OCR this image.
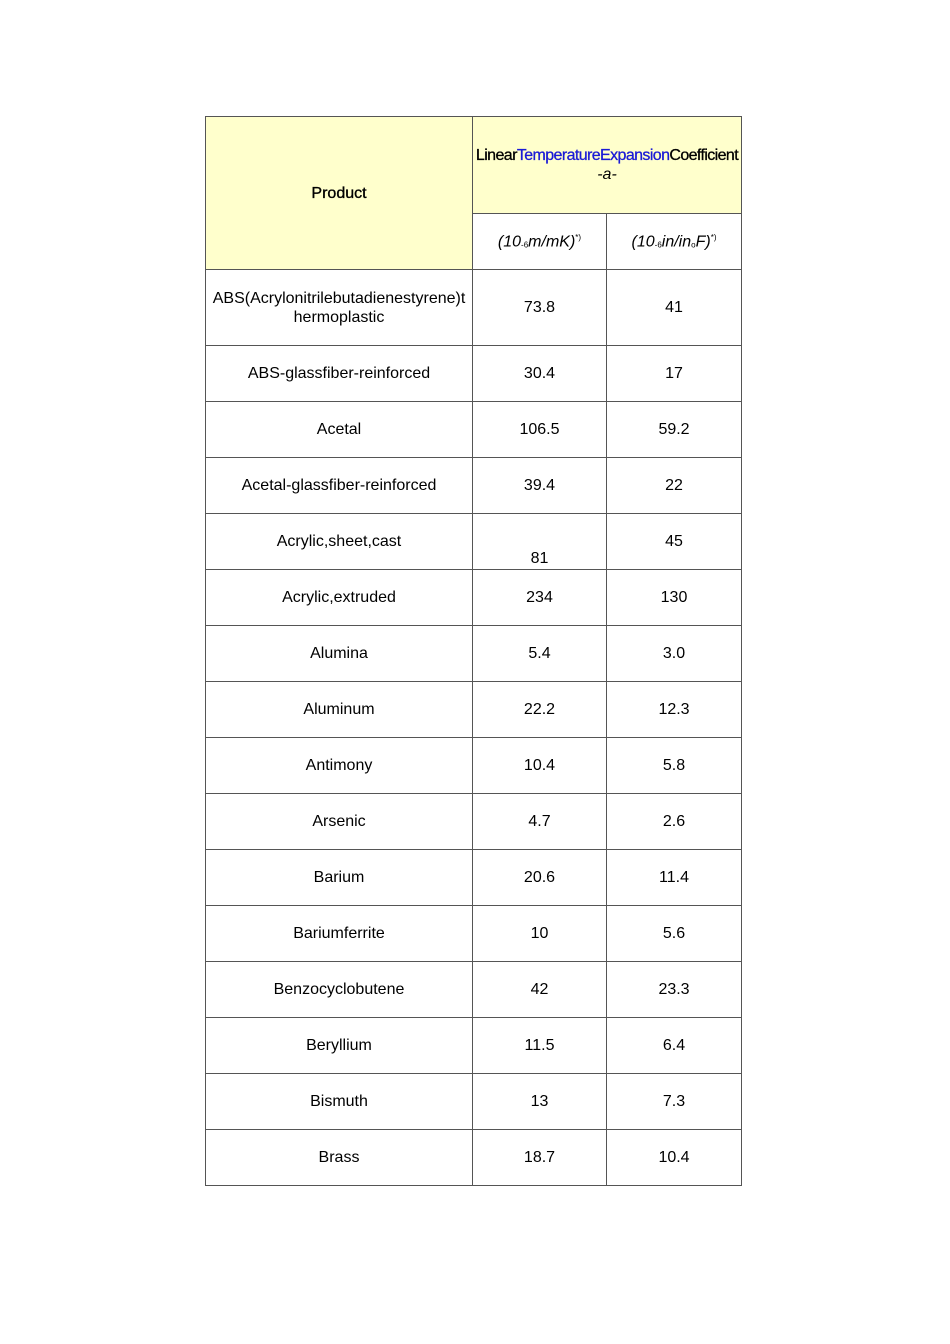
Product	LinearTemperatureExpansionCoefficient
-a-	
	$(10_{-6}m/mK)^{*)}$	$(10_{-6}in/in_oF)^{*)}$
ABS(Acrylonitrilebutadienestyrene)thermoplastic	73.8	41
ABS-glassfiber-reinforced	30.4	17
Acetal	106.5	59.2
Acetal-glassfiber-reinforced	39.4	22
Acrylic,sheet,cast	81	45
Acrylic,extruded	234	130
Alumina	5.4	3.0
Aluminum	22.2	12.3
Antimony	10.4	5.8
Arsenic	4.7	2.6
Barium	20.6	11.4
Bariumferrite	10	5.6
Benzocyclobutene	42	23.3
Beryllium	11.5	6.4
Bismuth	13	7.3
Brass	18.7	10.4
